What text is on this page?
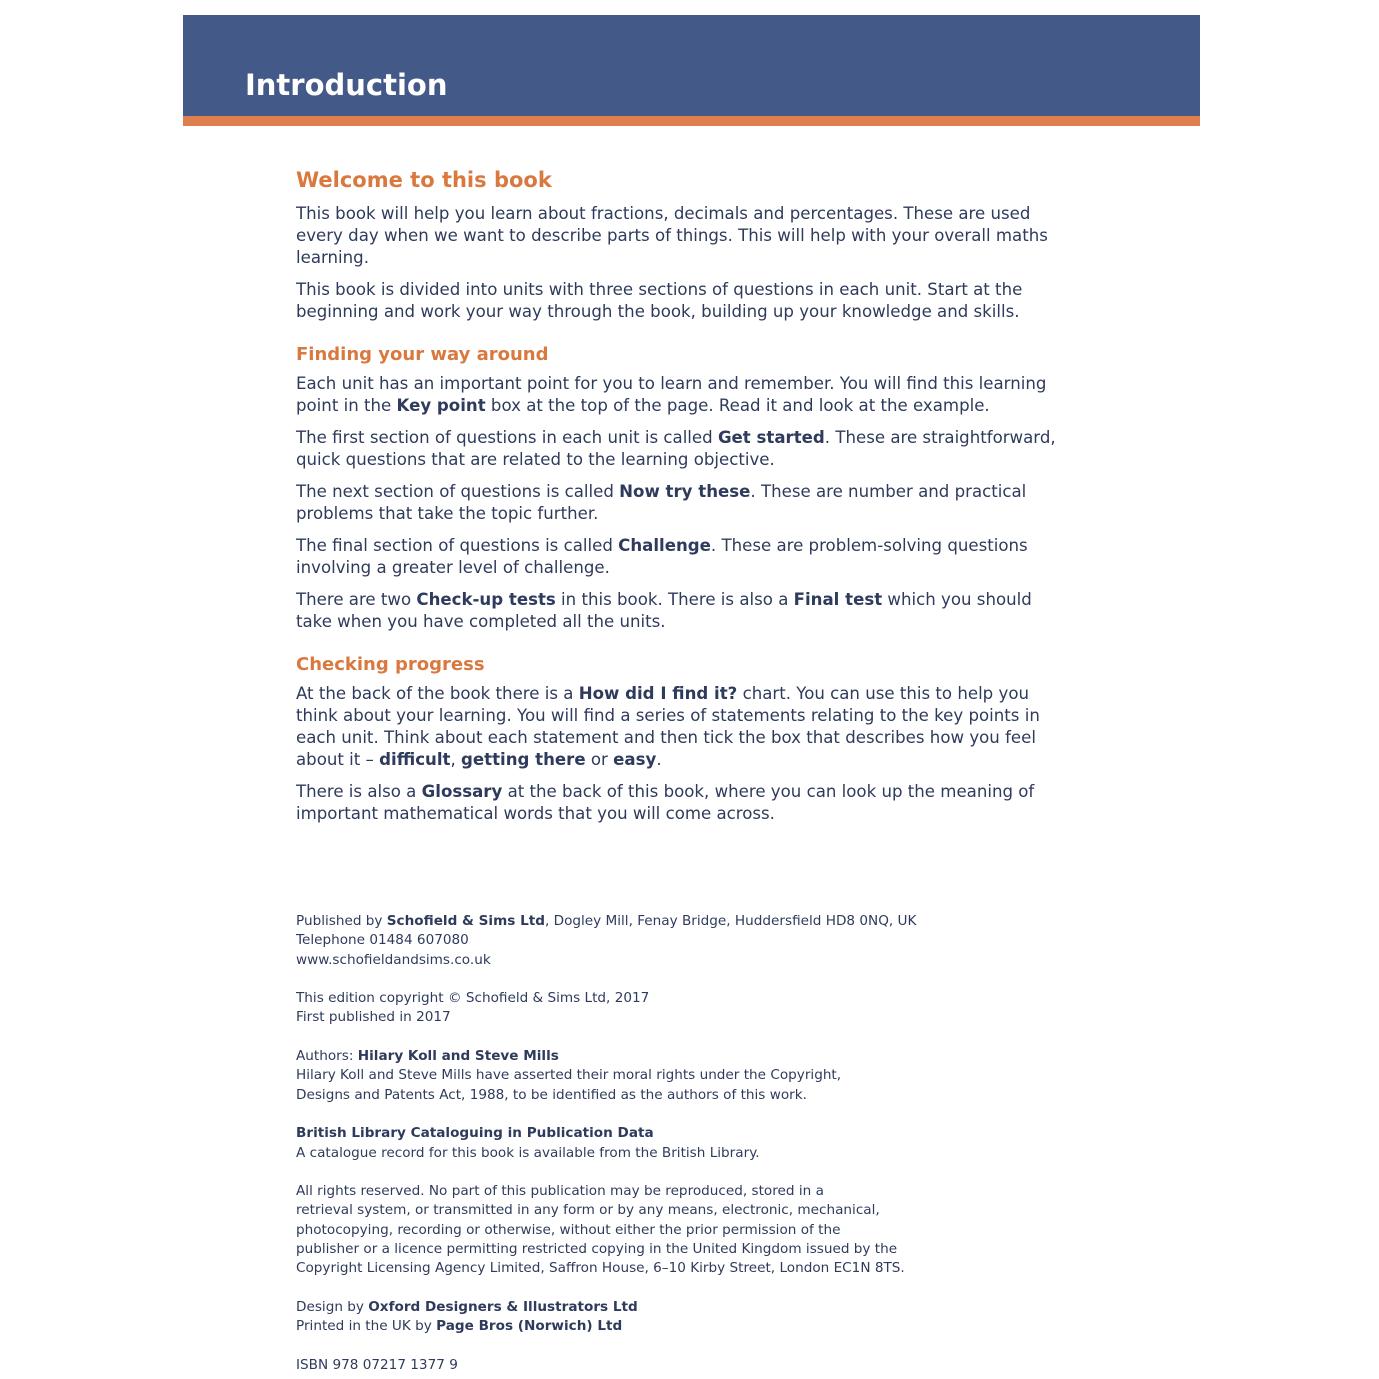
Introduction
Welcome to this book

This book will help you learn about fractions, decimals and percentages. These are used every day when we want to describe parts of things. This will help with your overall maths learning.

This book is divided into units with three sections of questions in each unit. Start at the beginning and work your way through the book, building up your knowledge and skills.

Finding your way around

Each unit has an important point for you to learn and remember. You will find this learning point in the Key point box at the top of the page. Read it and look at the example.

The first section of questions in each unit is called Get started. These are straightforward, quick questions that are related to the learning objective.

The next section of questions is called Now try these. These are number and practical problems that take the topic further.

The final section of questions is called Challenge. These are problem-solving questions involving a greater level of challenge.

There are two Check-up tests in this book. There is also a Final test which you should take when you have completed all the units.

Checking progress

At the back of the book there is a How did I find it? chart. You can use this to help you think about your learning. You will find a series of statements relating to the key points in each unit. Think about each statement and then tick the box that describes how you feel about it – difficult, getting there or easy.

There is also a Glossary at the back of this book, where you can look up the meaning of important mathematical words that you will come across.

Published by Schofield & Sims Ltd, Dogley Mill, Fenay Bridge, Huddersfield HD8 0NQ, UK
Telephone 01484 607080
www.schofieldandsims.co.uk
This edition copyright © Schofield & Sims Ltd, 2017
First published in 2017
Authors: Hilary Koll and Steve Mills
Hilary Koll and Steve Mills have asserted their moral rights under the Copyright,
Designs and Patents Act, 1988, to be identified as the authors of this work.
British Library Cataloguing in Publication Data
A catalogue record for this book is available from the British Library.
All rights reserved. No part of this publication may be reproduced, stored in a
retrieval system, or transmitted in any form or by any means, electronic, mechanical,
photocopying, recording or otherwise, without either the prior permission of the
publisher or a licence permitting restricted copying in the United Kingdom issued by the
Copyright Licensing Agency Limited, Saffron House, 6–10 Kirby Street, London EC1N 8TS.
Design by Oxford Designers & Illustrators Ltd
Printed in the UK by Page Bros (Norwich) Ltd
ISBN 978 07217 1377 9
